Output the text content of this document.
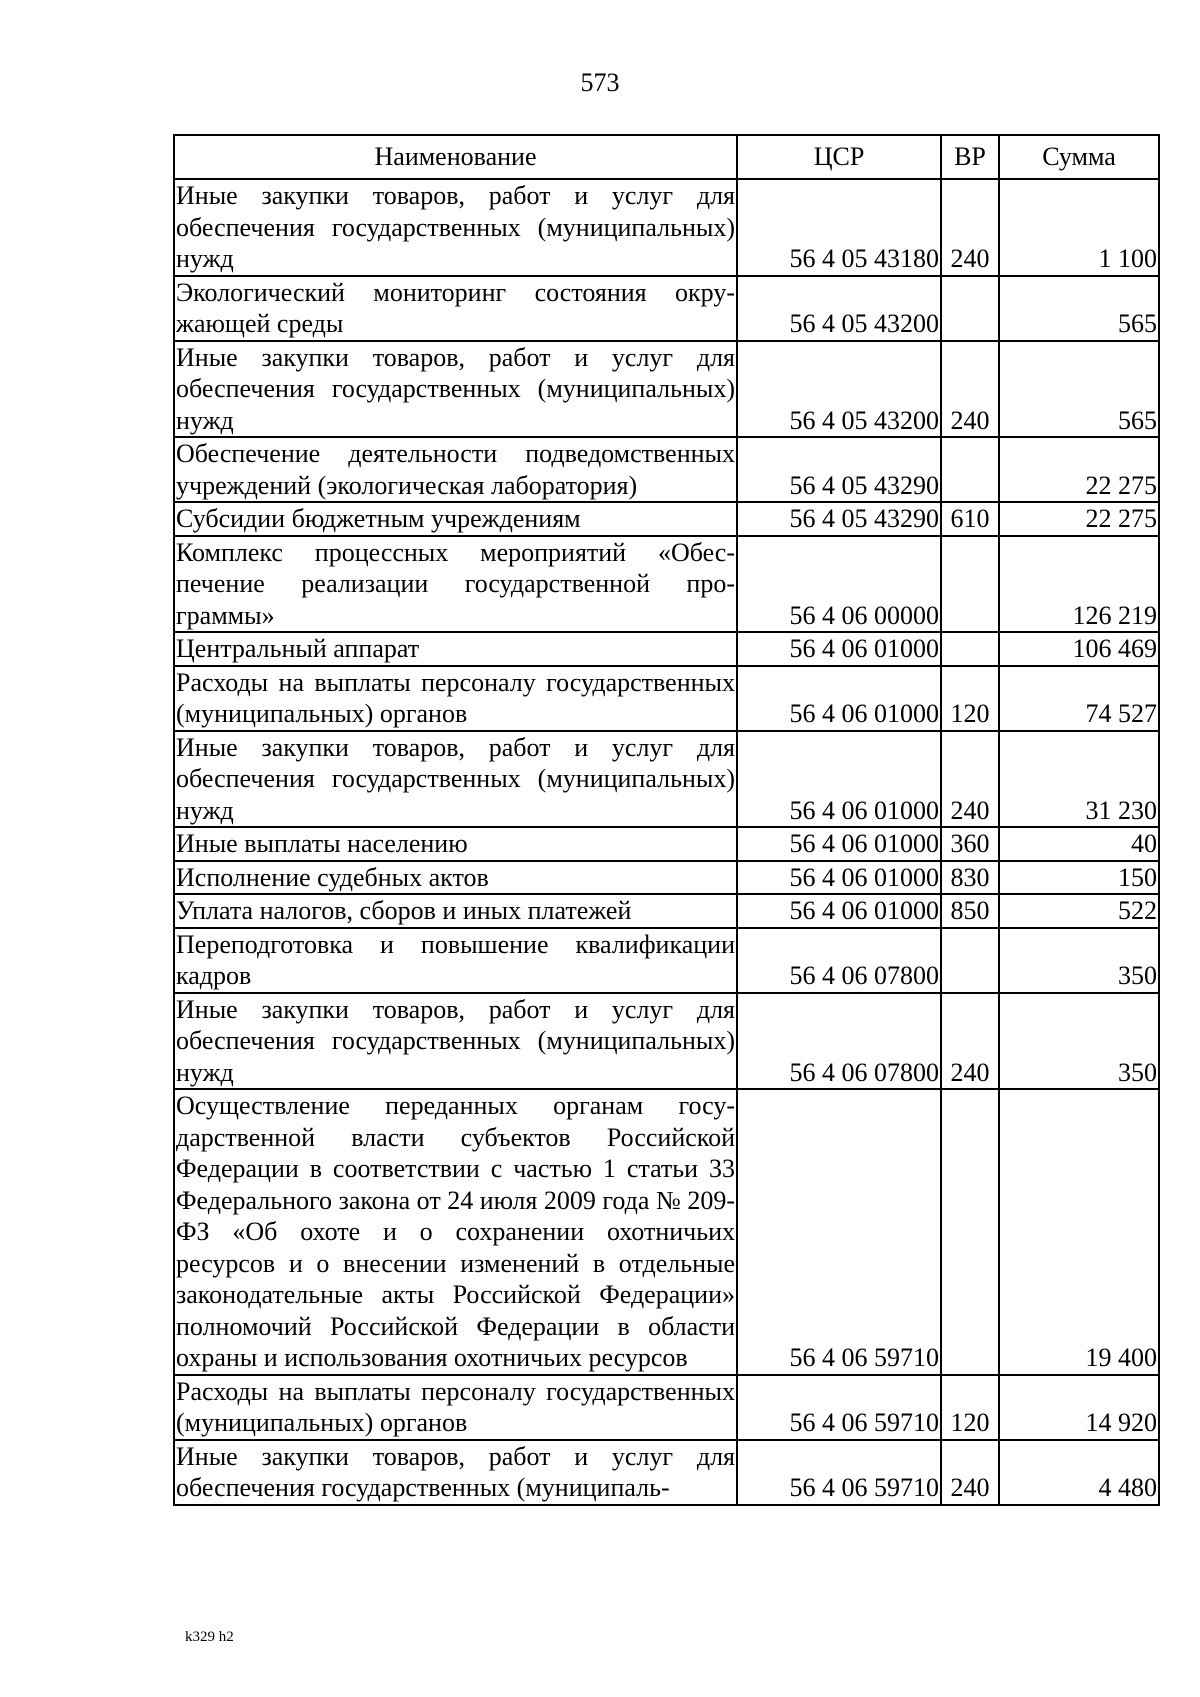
573
Наименование	ЦСР	ВР	Сумма
Иные закупки товаров, работ и услуг для обеспечения государственных (муниципальных) нужд	56 4 05 43180	240	1 100
Экологический мониторинг состояния окружающей среды	56 4 05 43200		565
Иные закупки товаров, работ и услуг для обеспечения государственных (муниципальных) нужд	56 4 05 43200	240	565
Обеспечение деятельности подведомственных учреждений (экологическая лаборатория)	56 4 05 43290		22 275
Субсидии бюджетным учреждениям	56 4 05 43290	610	22 275
Комплекс процессных мероприятий «Обеспечение реализации государственной программы»	56 4 06 00000		126 219
Центральный аппарат	56 4 06 01000		106 469
Расходы на выплаты персоналу государственных (муниципальных) органов	56 4 06 01000	120	74 527
Иные закупки товаров, работ и услуг для обеспечения государственных (муниципальных) нужд	56 4 06 01000	240	31 230
Иные выплаты населению	56 4 06 01000	360	40
Исполнение судебных актов	56 4 06 01000	830	150
Уплата налогов, сборов и иных платежей	56 4 06 01000	850	522
Переподготовка и повышение квалификации кадров	56 4 06 07800		350
Иные закупки товаров, работ и услуг для обеспечения государственных (муниципальных) нужд	56 4 06 07800	240	350
Осуществление переданных органам государственной власти субъектов Российской Федерации в соответствии с частью 1 статьи 33 Федерального закона от 24 июля 2009 года № 209-ФЗ «Об охоте и о сохранении охотничьих ресурсов и о внесении изменений в отдельные законодательные акты Российской Федерации» полномочий Российской Федерации в области охраны и использования охотничьих ресурсов	56 4 06 59710		19 400
Расходы на выплаты персоналу государственных (муниципальных) органов	56 4 06 59710	120	14 920
Иные закупки товаров, работ и услуг для обеспечения государственных (муниципаль-	56 4 06 59710	240	4 480
k329 h2
